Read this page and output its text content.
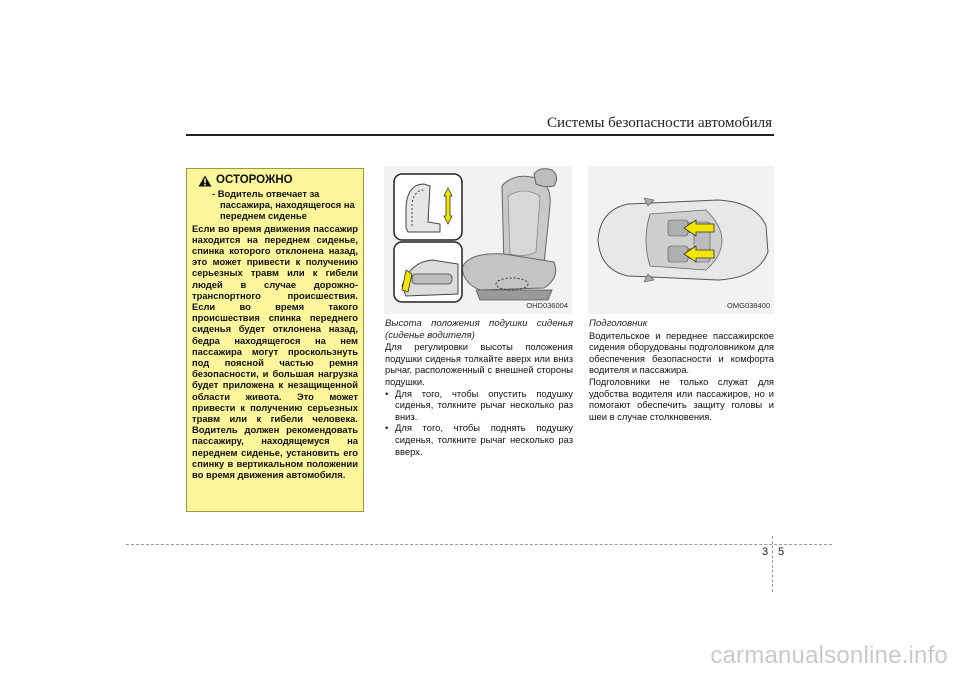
Системы безопасности автомобиля
ОСТОРОЖНО
- Водитель отвечает за пассажира, находящегося на переднем сиденье
Если во время движения пассажир находится на переднем сиденье, спинка которого отклонена назад, это может привести к получению серьезных травм или к гибели людей в случае дорожно-транспортного происшествия. Если во время такого происшествия спинка переднего сиденья будет отклонена назад, бедра находящегося на нем пассажира могут проскользнуть под поясной частью ремня безопасности, и большая нагрузка будет приложена к незащищенной области живота. Это может привести к получению серьезных травм или к гибели человека. Водитель должен рекомендовать пассажиру, находящемуся на переднем сиденье, установить его спинку в вертикальном положении во время движения автомобиля.
OHD036004	OMG038400
Высота положения подушки сиденья (сиденье водителя)
Для регулировки высоты положения подушки сиденья толкайте вверх или вниз рычаг, расположенный с внешней стороны подушки.
• Для того, чтобы опустить подушку сиденья, толкните рычаг несколько раз вниз.
• Для того, чтобы поднять подушку сиденья, толкните рычаг несколько раз вверх.
Подголовник
Водительское и переднее пассажирское сидения оборудованы подголовником для обеспечения безопасности и комфорта водителя и пассажира.
Подголовники не только служат для удобства водителя или пассажиров, но и помогают обеспечить защиту головы и шеи в случае столкновения.
3 5
carmanualsonline.info
